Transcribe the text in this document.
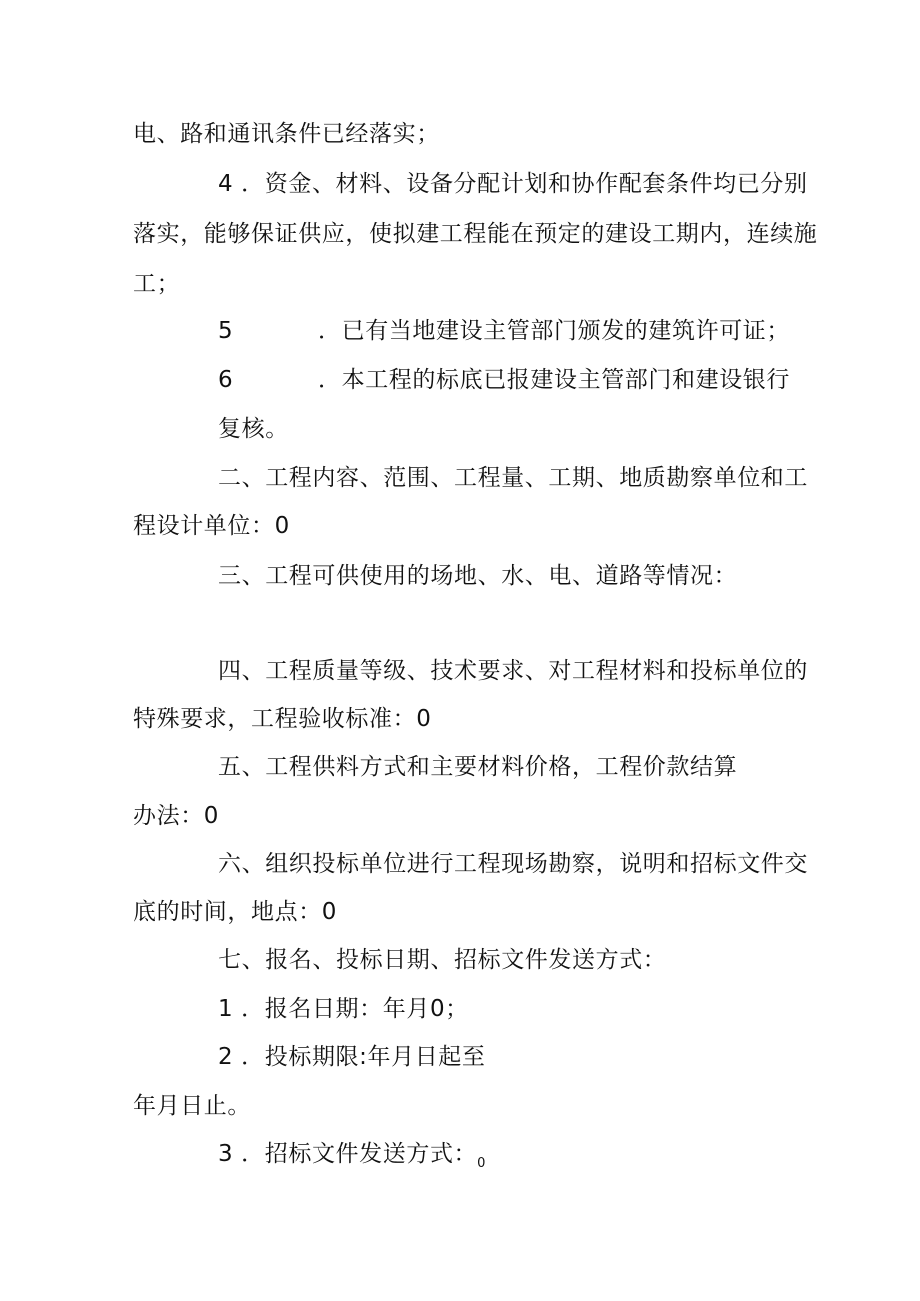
电、路和通讯条件已经落实；
4 ．资金、材料、设备分配计划和协作配套条件均已分别
落实，能够保证供应，使拟建工程能在预定的建设工期内，连续施
工；
5	．已有当地建设主管部门颁发的建筑许可证；
6	．本工程的标底已报建设主管部门和建设银行
复核。
二、工程内容、范围、工程量、工期、地质勘察单位和工
程设计单位：0
三、工程可供使用的场地、水、电、道路等情况：
四、工程质量等级、技术要求、对工程材料和投标单位的
特殊要求，工程验收标准：0
五、工程供料方式和主要材料价格，工程价款结算
办法：0
六、组织投标单位进行工程现场勘察，说明和招标文件交
底的时间，地点：0
七、报名、投标日期、招标文件发送方式：
1 ．报名日期：年月0；
2 ．投标期限:年月日起至
年月日止。
3 ．招标文件发送方式：$_0$
